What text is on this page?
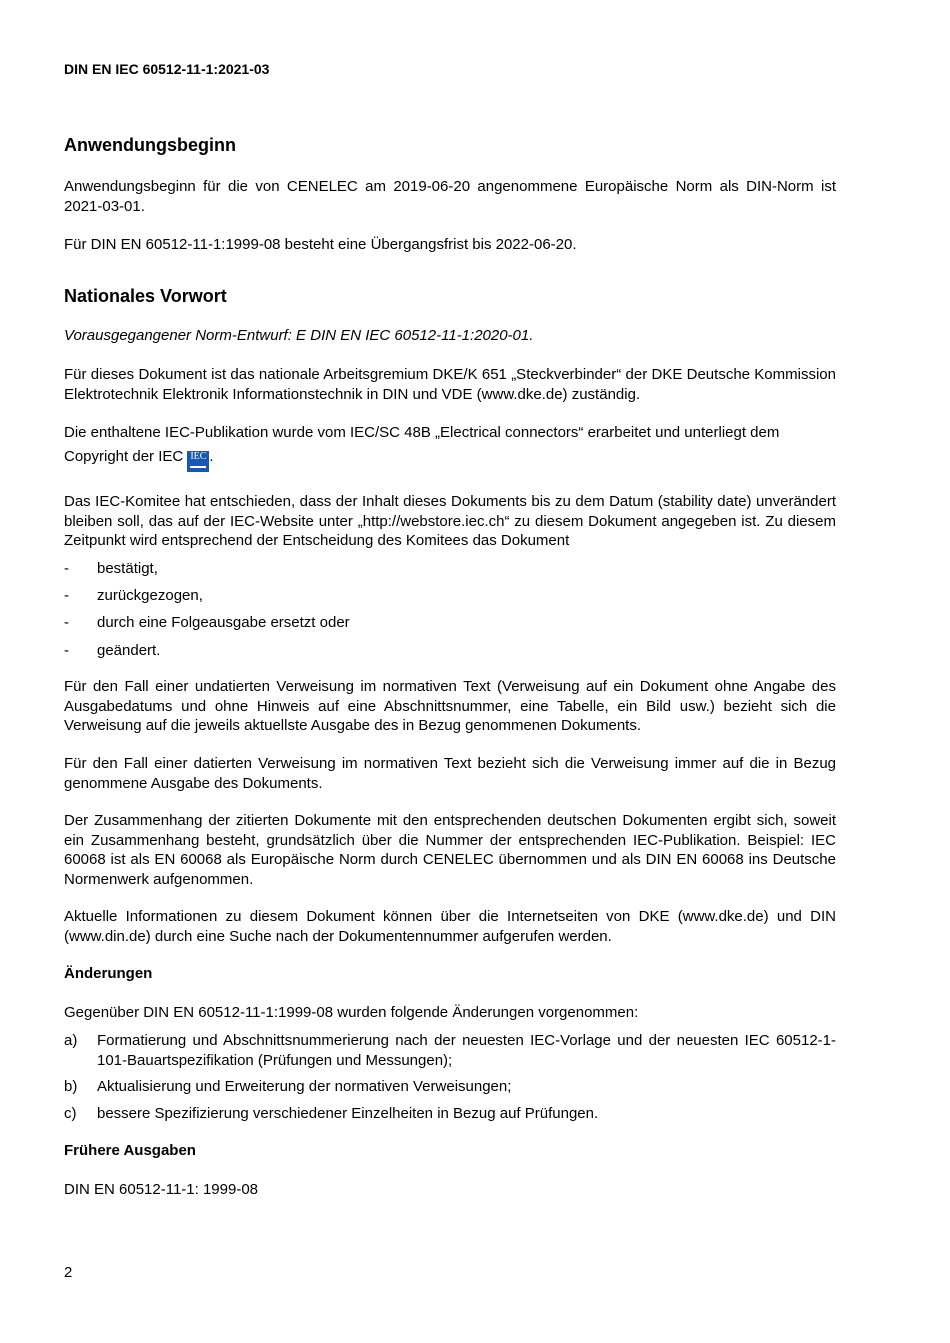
DIN EN IEC 60512-11-1:2021-03
Anwendungsbeginn

Anwendungsbeginn für die von CENELEC am 2019-06-20 angenommene Europäische Norm als DIN-Norm ist 2021-03-01.

Für DIN EN 60512-11-1:1999-08 besteht eine Übergangsfrist bis 2022-06-20.

Nationales Vorwort

Vorausgegangener Norm-Entwurf: E DIN EN IEC 60512-11-1:2020-01.

Für dieses Dokument ist das nationale Arbeitsgremium DKE/K 651 „Steckverbinder“ der DKE Deutsche Kommission Elektrotechnik Elektronik Informationstechnik in DIN und VDE (www.dke.de) zuständig.

Die enthaltene IEC-Publikation wurde vom IEC/SC 48B „Electrical connectors“ erarbeitet und unterliegt dem

Copyright der IEC IEC .

Das IEC-Komitee hat entschieden, dass der Inhalt dieses Dokuments bis zu dem Datum (stability date) unverändert bleiben soll, das auf der IEC-Website unter „http://webstore.iec.ch“ zu diesem Dokument angegeben ist. Zu diesem Zeitpunkt wird entsprechend der Entscheidung des Komitees das Dokument

- bestätigt,
- zurückgezogen,
- durch eine Folgeausgabe ersetzt oder
- geändert.

Für den Fall einer undatierten Verweisung im normativen Text (Verweisung auf ein Dokument ohne Angabe des Ausgabedatums und ohne Hinweis auf eine Abschnittsnummer, eine Tabelle, ein Bild usw.) bezieht sich die Verweisung auf die jeweils aktuellste Ausgabe des in Bezug genommenen Dokuments.

Für den Fall einer datierten Verweisung im normativen Text bezieht sich die Verweisung immer auf die in Bezug genommene Ausgabe des Dokuments.

Der Zusammenhang der zitierten Dokumente mit den entsprechenden deutschen Dokumenten ergibt sich, soweit ein Zusammenhang besteht, grundsätzlich über die Nummer der entsprechenden IEC-Publikation. Beispiel: IEC 60068 ist als EN 60068 als Europäische Norm durch CENELEC übernommen und als DIN EN 60068 ins Deutsche Normenwerk aufgenommen.

Aktuelle Informationen zu diesem Dokument können über die Internetseiten von DKE (www.dke.de) und DIN (www.din.de) durch eine Suche nach der Dokumentennummer aufgerufen werden.

Änderungen

Gegenüber DIN EN 60512-11-1:1999-08 wurden folgende Änderungen vorgenommen:

a) Formatierung und Abschnittsnummerierung nach der neuesten IEC-Vorlage und der neuesten IEC 60512-1-101-Bauartspezifikation (Prüfungen und Messungen);
b) Aktualisierung und Erweiterung der normativen Verweisungen;
c) bessere Spezifizierung verschiedener Einzelheiten in Bezug auf Prüfungen.
Frühere Ausgaben

DIN EN 60512-11-1: 1999-08

2
